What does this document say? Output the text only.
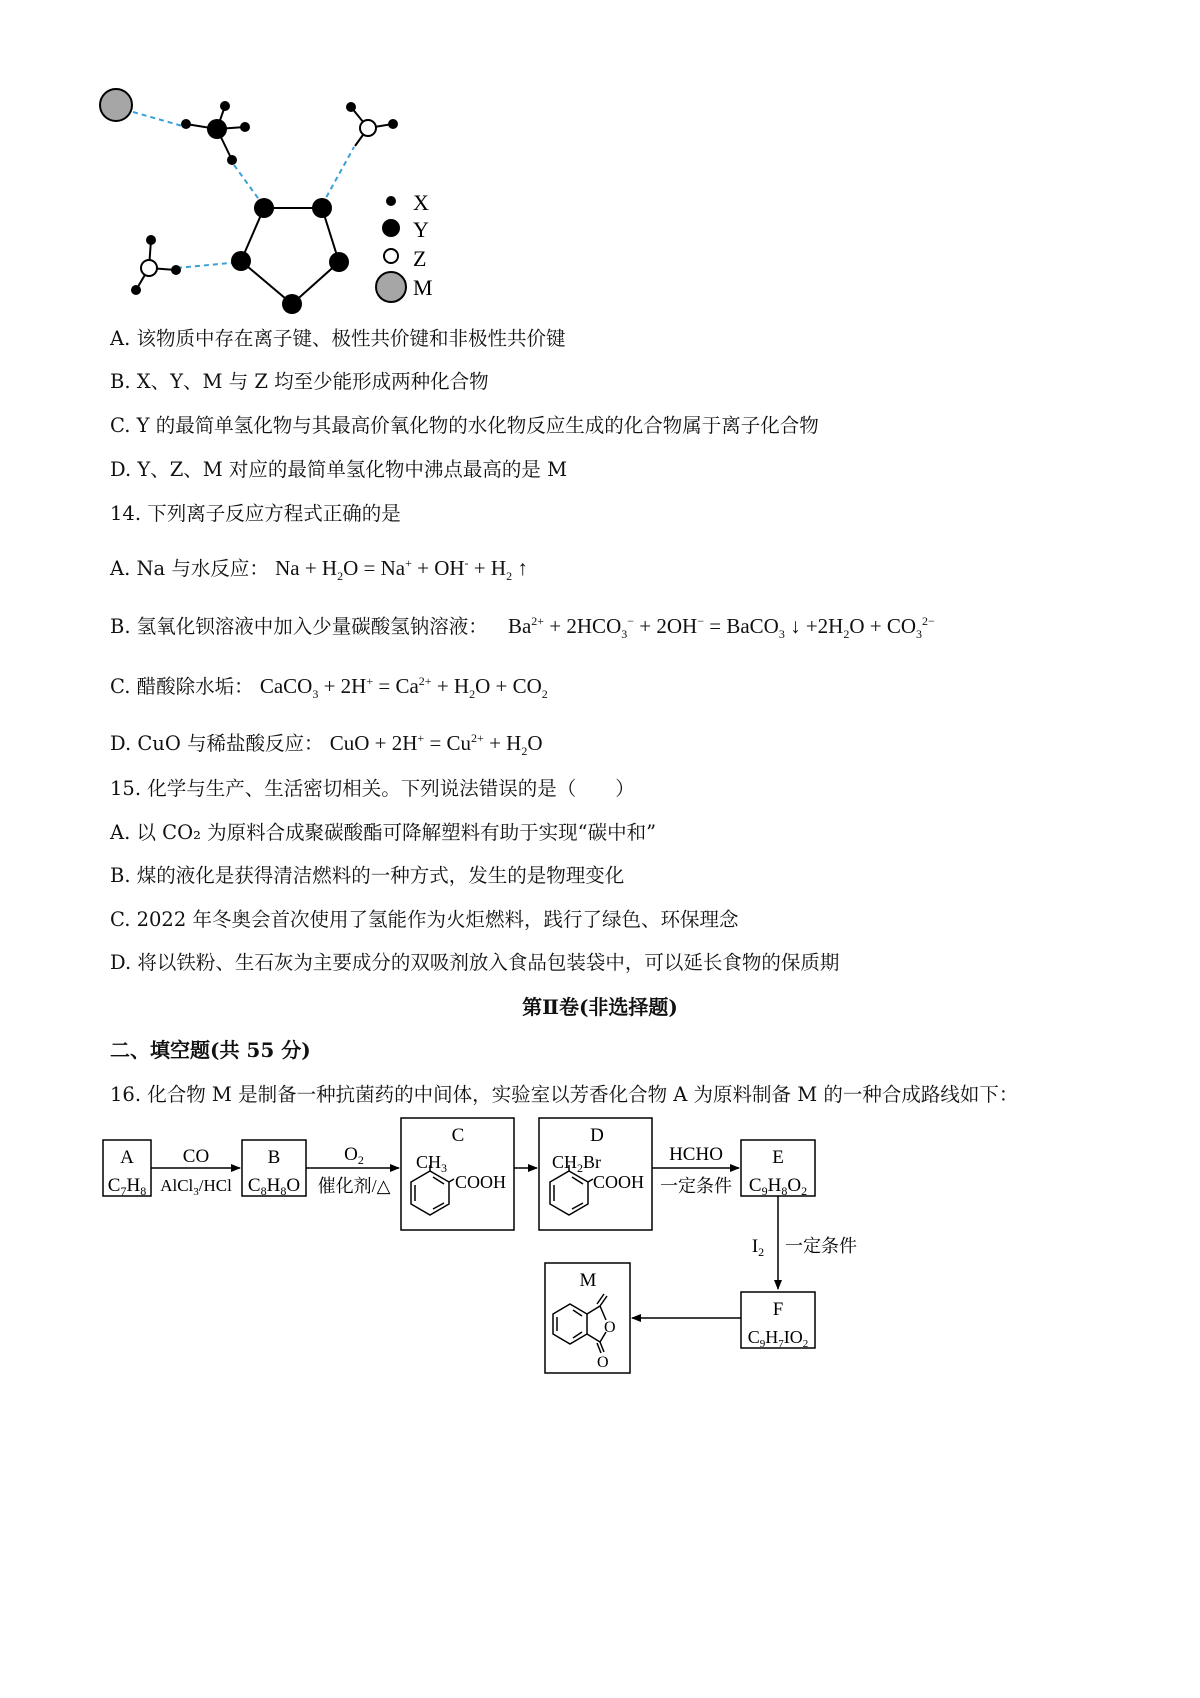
X
Y
Z
M
A. 该物质中存在离子键、极性共价键和非极性共价键
B. X、Y、M 与 Z 均至少能形成两种化合物
C. Y 的最简单氢化物与其最高价氧化物的水化物反应生成的化合物属于离子化合物
D. Y、Z、M 对应的最简单氢化物中沸点最高的是 M
14. 下列离子反应方程式正确的是
A. Na 与水反应： $Na + H_2O = Na^+ + OH^- + H_2$ ↑
B. 氢氧化钡溶液中加入少量碳酸氢钠溶液： $Ba^{2+} + 2HCO_3^- + 2OH^-$ = BaCO$_3$ ↓ $+2H_2O + CO_3^{2-}$
C. 醋酸除水垢： CaCO$_3$ + $2H^+ = Ca^{2+} + H_2O + CO_2$
D. CuO 与稀盐酸反应： CuO + $2H^+ = Cu^{2+} + H_2O$
15. 化学与生产、生活密切相关。下列说法错误的是（　　）
A. 以 CO₂ 为原料合成聚碳酸酯可降解塑料有助于实现“碳中和”
B. 煤的液化是获得清洁燃料的一种方式，发生的是物理变化
C. 2022 年冬奥会首次使用了氢能作为火炬燃料，践行了绿色、环保理念
D. 将以铁粉、生石灰为主要成分的双吸剂放入食品包装袋中，可以延长食物的保质期
第Ⅱ卷(非选择题)
二、填空题(共 55 分)
16. 化合物 M 是制备一种抗菌药的中间体，实验室以芳香化合物 A 为原料制备 M 的一种合成路线如下：
A
$C_7H_8$
CO
AlCl$_3$/HCl
B
$C_8H_8O$
$O_2$
催化剂/△
C
$CH_3$
COOH
D
$CH_2Br$
COOH
HCHO
一定条件
E
$C_9H_8O_2$
$I_2$ 一定条件
F
$C_9H_7IO_2$
M
O
O
